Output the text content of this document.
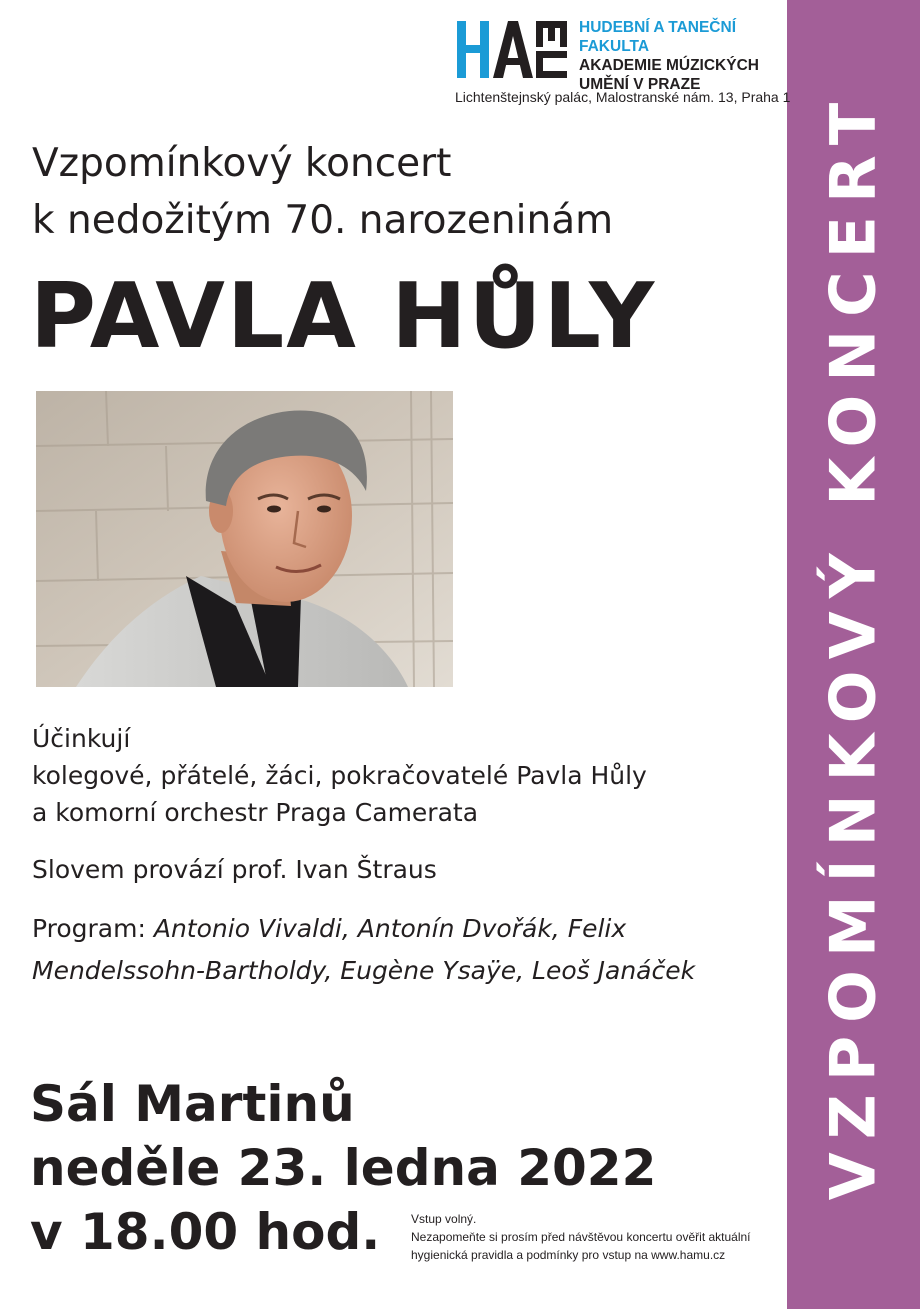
VZPOMÍNKOVÝ KONCERT
HUDEBNÍ A TANEČNÍ FAKULTA
AKADEMIE MÚZICKÝCH
UMĚNÍ V PRAZE
Lichtenštejnský palác, Malostranské nám. 13, Praha 1
Vzpomínkový koncert
k nedožitým 70. narozeninám
PAVLA HŮLY
Účinkují
kolegové, přátelé, žáci, pokračovatelé Pavla Hůly
a komorní orchestr Praga Camerata
Slovem provází prof. Ivan Štraus
Program: Antonio Vivaldi, Antonín Dvořák, Felix Mendelssohn-Bartholdy, Eugène Ysaÿe, Leoš Janáček
Sál Martinů
neděle 23. ledna 2022
v 18.00 hod.	Vstup volný.
Nezapomeňte si prosím před návštěvou koncertu ověřit aktuální
hygienická pravidla a podmínky pro vstup na www.hamu.cz
